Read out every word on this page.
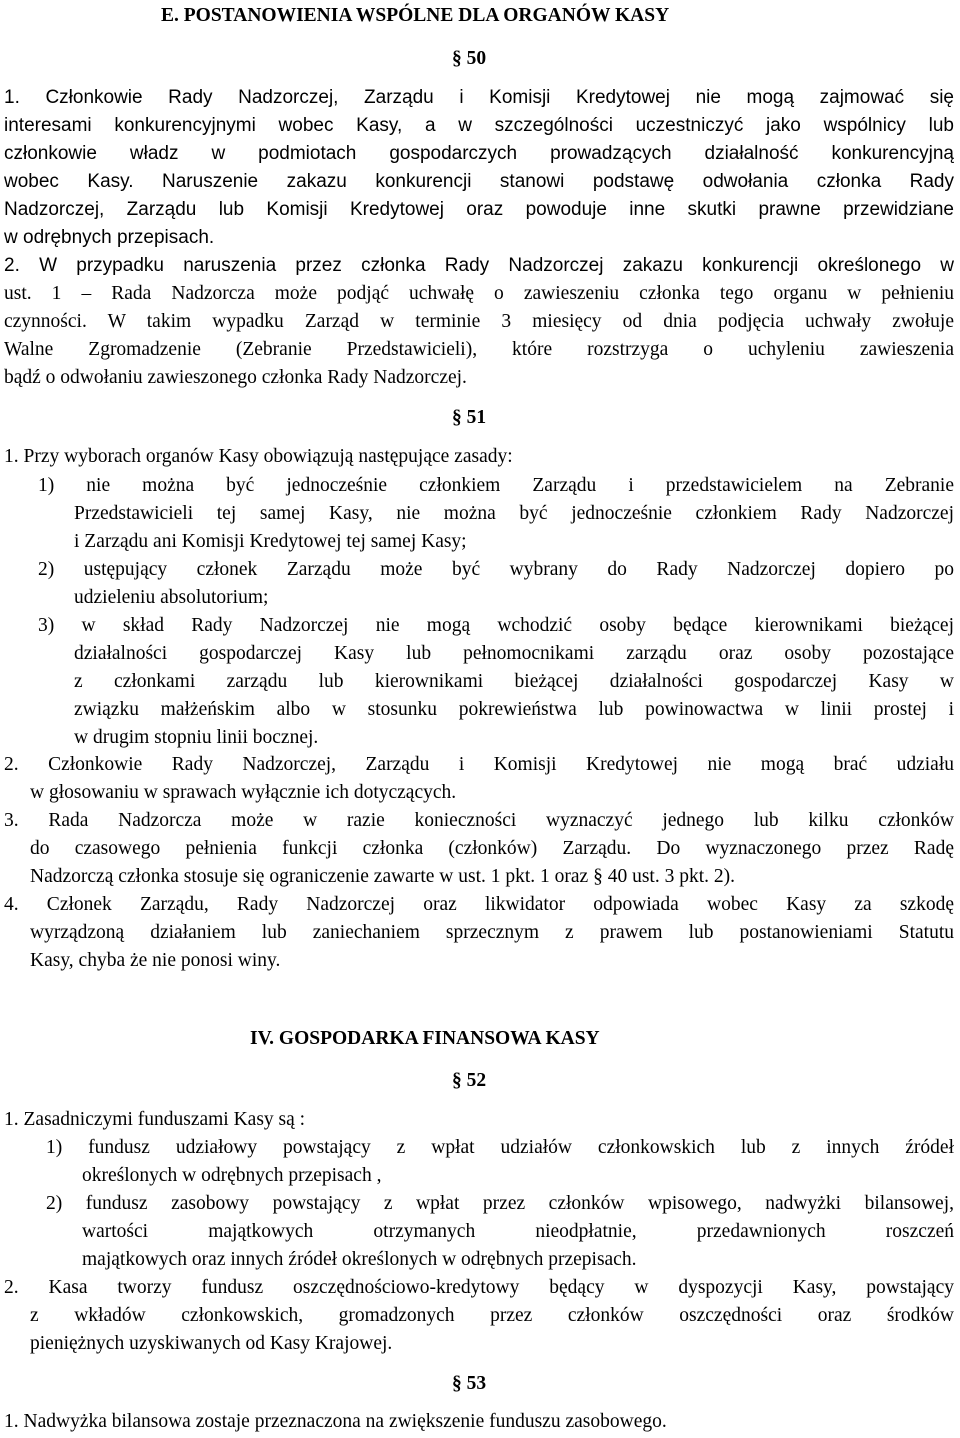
E. POSTANOWIENIA WSPÓLNE DLA ORGANÓW KASY
§ 50
1. Członkowie Rady Nadzorczej, Zarządu i Komisji Kredytowej nie mogą zajmować się
interesami konkurencyjnymi wobec Kasy, a w szczególności uczestniczyć jako wspólnicy lub
członkowie władz w podmiotach gospodarczych prowadzących działalność konkurencyjną
wobec Kasy. Naruszenie zakazu konkurencji stanowi podstawę odwołania członka Rady
Nadzorczej, Zarządu lub Komisji Kredytowej oraz powoduje inne skutki prawne przewidziane
w odrębnych przepisach.
2. W przypadku naruszenia przez członka Rady Nadzorczej zakazu konkurencji określonego w
ust. 1 – Rada Nadzorcza może podjąć uchwałę o zawieszeniu członka tego organu w pełnieniu
czynności. W takim wypadku Zarząd w terminie 3 miesięcy od dnia podjęcia uchwały zwołuje
Walne Zgromadzenie (Zebranie Przedstawicieli), które rozstrzyga o uchyleniu zawieszenia
bądź o odwołaniu zawieszonego członka Rady Nadzorczej.
§ 51
1. Przy wyborach organów Kasy obowiązują następujące zasady:
1) nie można być jednocześnie członkiem Zarządu i przedstawicielem na Zebranie
Przedstawicieli tej samej Kasy, nie można być jednocześnie członkiem Rady Nadzorczej
i Zarządu ani Komisji Kredytowej tej samej Kasy;
2) ustępujący członek Zarządu może być wybrany do Rady Nadzorczej dopiero po
udzieleniu absolutorium;
3) w skład Rady Nadzorczej nie mogą wchodzić osoby będące kierownikami bieżącej
działalności gospodarczej Kasy lub pełnomocnikami zarządu oraz osoby pozostające
z członkami zarządu lub kierownikami bieżącej działalności gospodarczej Kasy w
związku małżeńskim albo w stosunku pokrewieństwa lub powinowactwa w linii prostej i
w drugim stopniu linii bocznej.
2. Członkowie Rady Nadzorczej, Zarządu i Komisji Kredytowej nie mogą brać udziału
w głosowaniu w sprawach wyłącznie ich dotyczących.
3. Rada Nadzorcza może w razie konieczności wyznaczyć jednego lub kilku członków
do czasowego pełnienia funkcji członka (członków) Zarządu. Do wyznaczonego przez Radę
Nadzorczą członka stosuje się ograniczenie zawarte w ust. 1 pkt. 1 oraz § 40 ust. 3 pkt. 2).
4. Członek Zarządu, Rady Nadzorczej oraz likwidator odpowiada wobec Kasy za szkodę
wyrządzoną działaniem lub zaniechaniem sprzecznym z prawem lub postanowieniami Statutu
Kasy, chyba że nie ponosi winy.
IV. GOSPODARKA FINANSOWA KASY
§ 52
1. Zasadniczymi funduszami Kasy są :
1) fundusz udziałowy powstający z wpłat udziałów członkowskich lub z innych źródeł
określonych w odrębnych przepisach ,
2) fundusz zasobowy powstający z wpłat przez członków wpisowego, nadwyżki bilansowej,
wartości majątkowych otrzymanych nieodpłatnie, przedawnionych roszczeń
majątkowych oraz innych źródeł określonych w odrębnych przepisach.
2. Kasa tworzy fundusz oszczędnościowo-kredytowy będący w dyspozycji Kasy, powstający
z wkładów członkowskich, gromadzonych przez członków oszczędności oraz środków
pieniężnych uzyskiwanych od Kasy Krajowej.
§ 53
1. Nadwyżka bilansowa zostaje przeznaczona na zwiększenie funduszu zasobowego.
